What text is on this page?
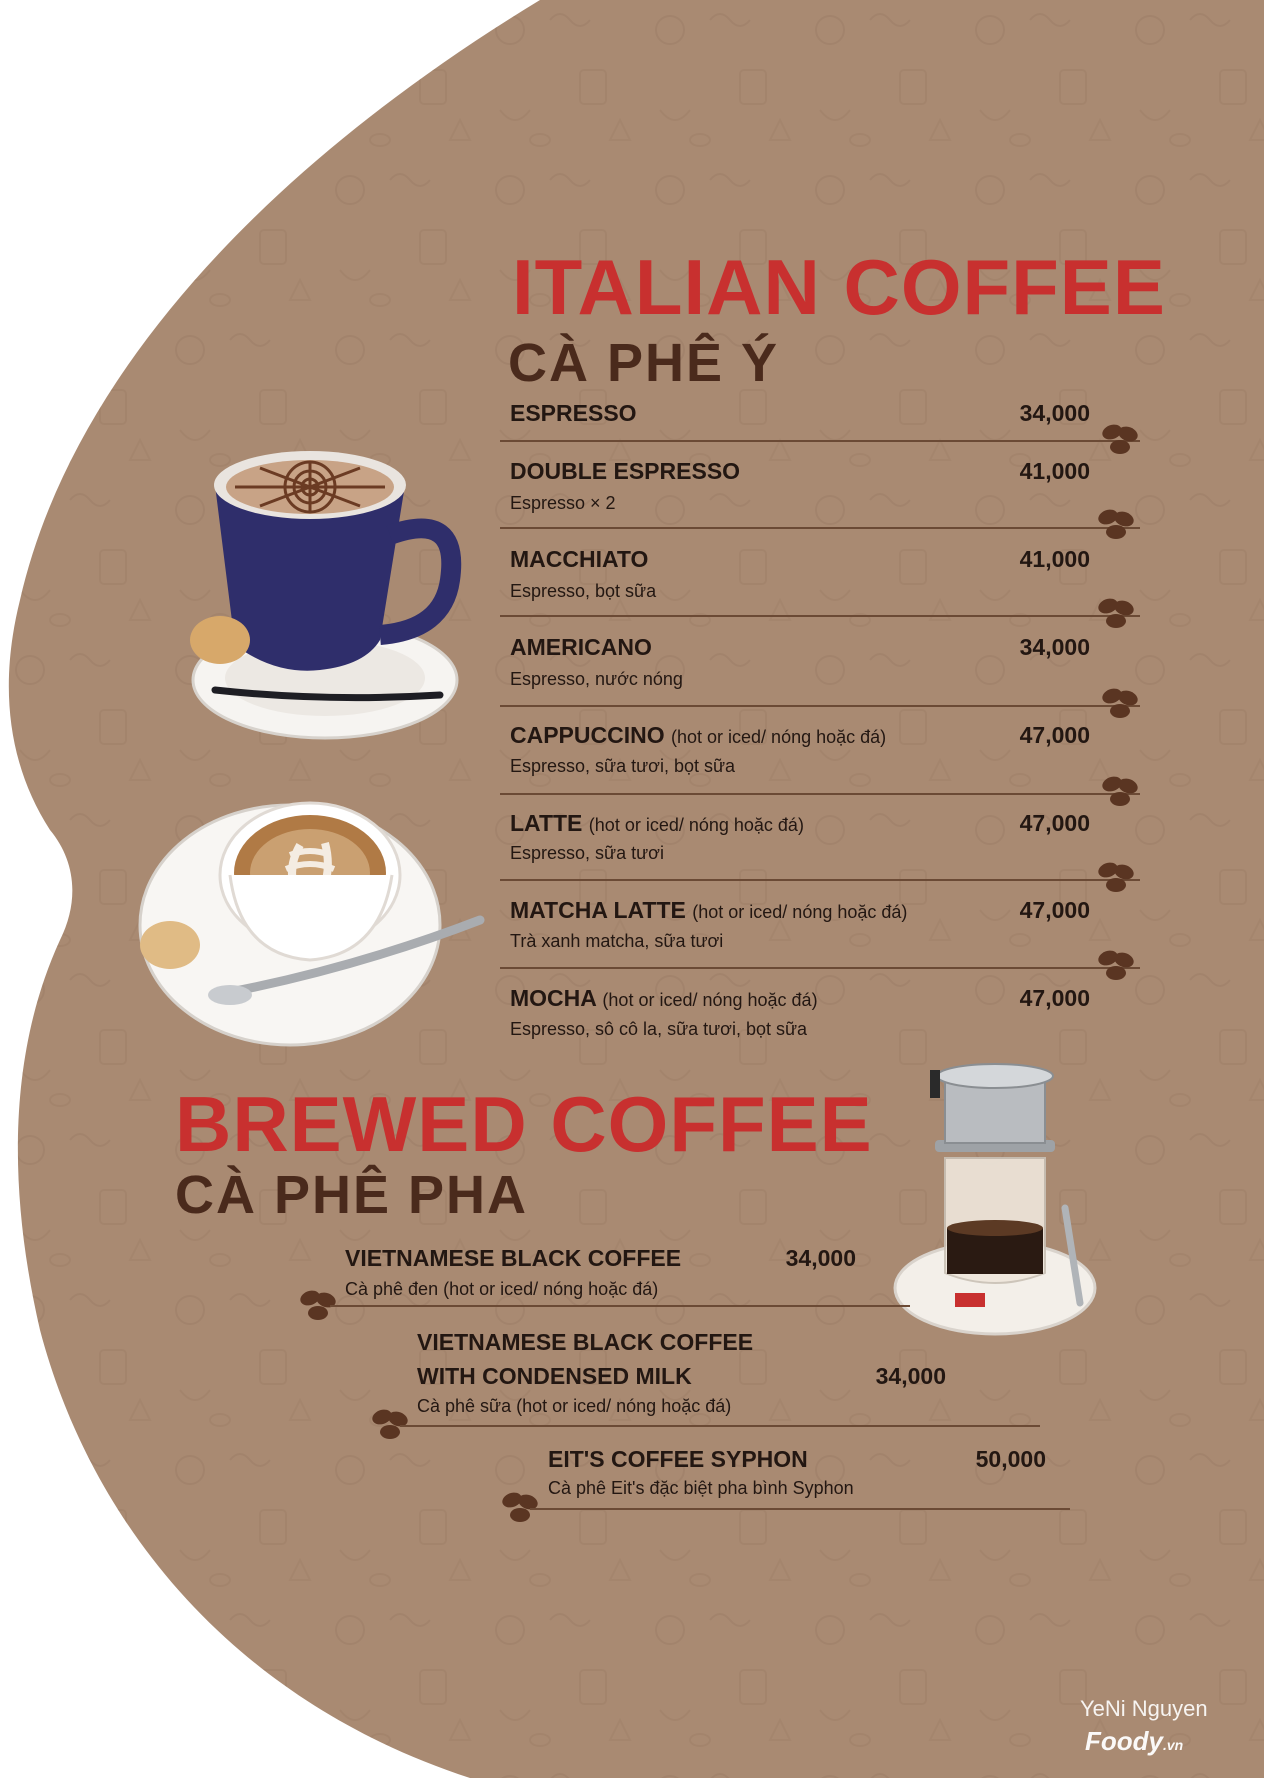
ITALIAN COFFEE
CÀ PHÊ Ý
ESPRESSO	34,000
DOUBLE ESPRESSO
Espresso × 2
41,000
MACCHIATO
Espresso, bọt sữa
41,000
AMERICANO
Espresso, nước nóng
34,000
CAPPUCCINO (hot or iced/ nóng hoặc đá)
Espresso, sữa tươi, bọt sữa
47,000
LATTE (hot or iced/ nóng hoặc đá)
Espresso, sữa tươi
47,000
MATCHA LATTE (hot or iced/ nóng hoặc đá)
Trà xanh matcha, sữa tươi
47,000
MOCHA (hot or iced/ nóng hoặc đá)
Espresso, sô cô la, sữa tươi, bọt sữa
47,000
BREWED COFFEE
CÀ PHÊ PHA
VIETNAMESE BLACK COFFEE
Cà phê đen (hot or iced/ nóng hoặc đá)
34,000
VIETNAMESE BLACK COFFEE
WITH CONDENSED MILK
Cà phê sữa (hot or iced/ nóng hoặc đá)
34,000
EIT'S COFFEE SYPHON
Cà phê Eit's đặc biệt pha bình Syphon
50,000
YeNi Nguyen
Foody.vn
